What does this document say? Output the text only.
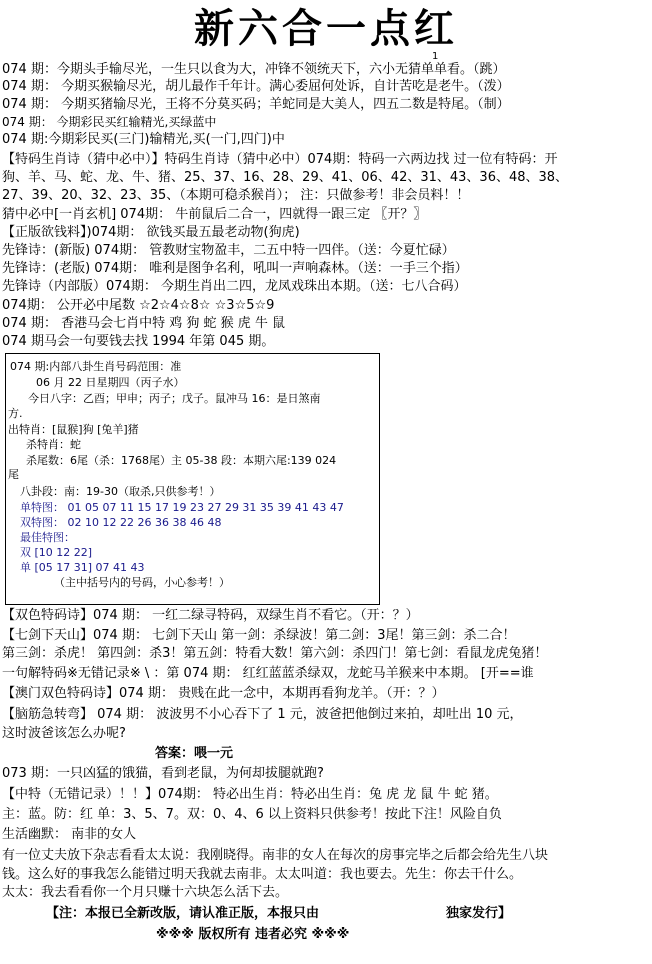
新六合一点红
1
074 期：今期头手输尽光，一生只以食为大，冲锋不领统天下，六小无猜单单看。（跳）
074 期： 今期买猴输尽光，胡儿最作千年计。满心委屈何处诉，自计苦吃是老牛。（泼）
074 期： 今期买猪输尽光，王将不分莫买码；羊蛇同是大美人，四五二数是特尾。（制）
074 期： 今期彩民买红输精光,买绿蓝中
074 期:今期彩民买(三门)输精光,买(一门,四门)中
【特码生肖诗（猜中必中）】特码生肖诗（猜中必中）074期：特码一六两边找 过一位有特码：开
狗、羊、马、蛇、龙、牛、猪、25、37、16、28、29、41、06、42、31、43、36、48、38、
27、39、20、32、23、35、（本期可稳杀猴肖）； 注：只做参考！非会员料！！
猜中必中[一肖玄机] 074期： 牛前鼠后二合一，四就得一跟三定 〖开？〗
【正版欲钱料】)074期： 欲钱买最五最老动物(狗虎)
先锋诗：(新版) 074期： 管教财宝物盈丰，二五中特一四伴。（送：今夏忙碌）
先锋诗：(老版) 074期： 唯利是图争名利，吼叫一声响森林。（送：一手三个指）
先锋诗（内部版）074期： 今期生肖出二四，龙凤戏珠出本期。（送：七八合码）
074期： 公开必中尾数 ☆2☆4☆8☆ ☆3☆5☆9
074 期： 香港马会七肖中特 鸡 狗 蛇 猴 虎 牛 鼠
074 期马会一句要钱去找 1994 年第 045 期。
074 期:内部八卦生肖号码范围：准
06 月 22 日星期四（丙子水）
今日八字：乙酉；甲申；丙子；戊子。鼠冲马 16：是日煞南
方.
出特肖：[鼠猴]狗 [兔羊]猪
杀特肖：蛇
杀尾数：6尾（杀：1768尾）主 05-38 段：本期六尾:139 024
尾
八卦段：南：19-30（取杀,只供参考！）
单特图： 01 05 07 11 15 17 19 23 27 29 31 35 39 41 43 47
双特图： 02 10 12 22 26 36 38 46 48
最佳特图：
双 [10 12 22]
单 [05 17 31] 07 41 43
（主中括号内的号码，小心参考！）
【双色特码诗】074 期： 一红二绿寻特码，双绿生肖不看它。（开：？）
【七剑下天山】074 期： 七剑下天山 第一剑：杀绿波！第二剑：3尾！第三剑：杀二合！
第三剑：杀虎！ 第四剑：杀3！第五剑：特看大数！第六剑：杀四门！第七剑：看鼠龙虎兔猪！
一句解特码※无错记录※ \ ：第 074 期： 红红蓝蓝杀绿双，龙蛇马羊猴来中本期。 [开==谁
【澳门双色特码诗】074 期： 贵贱在此一念中，本期再看狗龙羊。（开：？）
【脑筋急转弯】 074 期： 波波男不小心吞下了 1 元，波爸把他倒过来拍，却吐出 10 元，
这时波爸该怎么办呢?
答案：喂一元
073 期：一只凶猛的饿猫，看到老鼠，为何却拔腿就跑?
【中特（无错记录）！！】074期： 特必出生肖：特必出生肖：兔 虎 龙 鼠 牛 蛇 猪。
主：蓝。防：红 单：3、5、7。双：0、4、6 以上资料只供参考！按此下注！风险自负
生活幽默： 南非的女人
有一位丈夫放下杂志看看太太说：我刚晓得。南非的女人在每次的房事完毕之后都会给先生八块
钱。这么好的事我怎么能错过明天我就去南非。太太叫道：我也要去。先生：你去干什么。
太太：我去看看你一个月只赚十六块怎么活下去。
【注：本报已全新改版，请认准正版，本报只由	独家发行】
※※※ 版权所有 违者必究 ※※※
